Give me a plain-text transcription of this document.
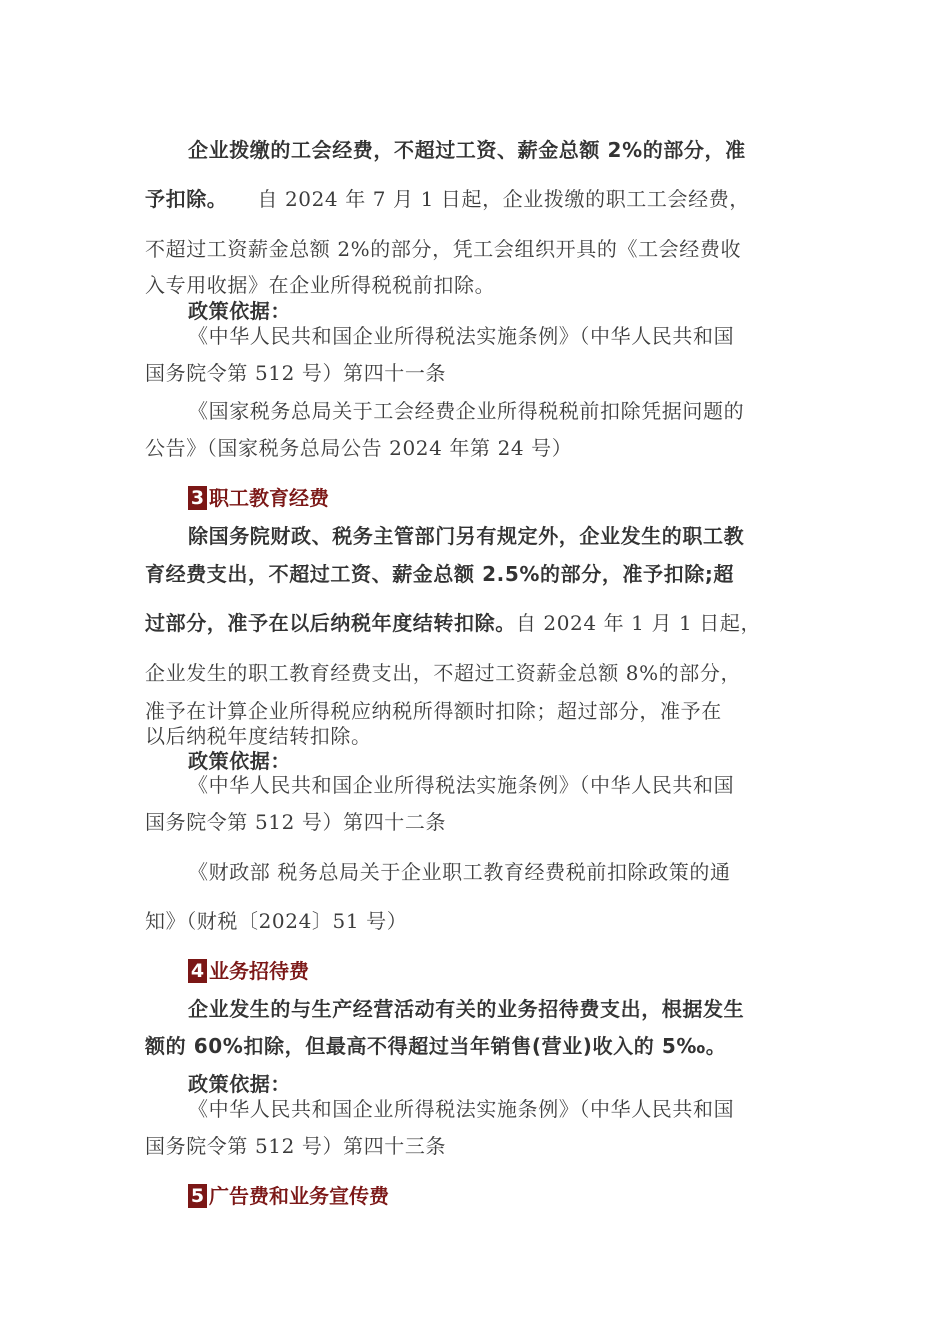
企业拨缴的工会经费，不超过工资、薪金总额 2%的部分，准
予扣除。 自 2024 年 7 月 1 日起，企业拨缴的职工工会经费，
不超过工资薪金总额 2%的部分，凭工会组织开具的《工会经费收
入专用收据》在企业所得税税前扣除。
政策依据：
《中华人民共和国企业所得税法实施条例》（中华人民共和国
国务院令第 512 号）第四十一条
《国家税务总局关于工会经费企业所得税税前扣除凭据问题的
公告》（国家税务总局公告 2024 年第 24 号）
3 职工教育经费
除国务院财政、税务主管部门另有规定外，企业发生的职工教
育经费支出，不超过工资、薪金总额 2.5%的部分，准予扣除;超
过部分，准予在以后纳税年度结转扣除。自 2024 年 1 月 1 日起，
企业发生的职工教育经费支出，不超过工资薪金总额 8%的部分，
准予在计算企业所得税应纳税所得额时扣除；超过部分，准予在
以后纳税年度结转扣除。
政策依据：
《中华人民共和国企业所得税法实施条例》（中华人民共和国
国务院令第 512 号）第四十二条
《财政部 税务总局关于企业职工教育经费税前扣除政策的通
知》（财税〔2024〕51 号）
4 业务招待费
企业发生的与生产经营活动有关的业务招待费支出，根据发生
额的 60%扣除，但最高不得超过当年销售(营业)收入的 5‰。
政策依据：
《中华人民共和国企业所得税法实施条例》（中华人民共和国
国务院令第 512 号）第四十三条
5 广告费和业务宣传费
